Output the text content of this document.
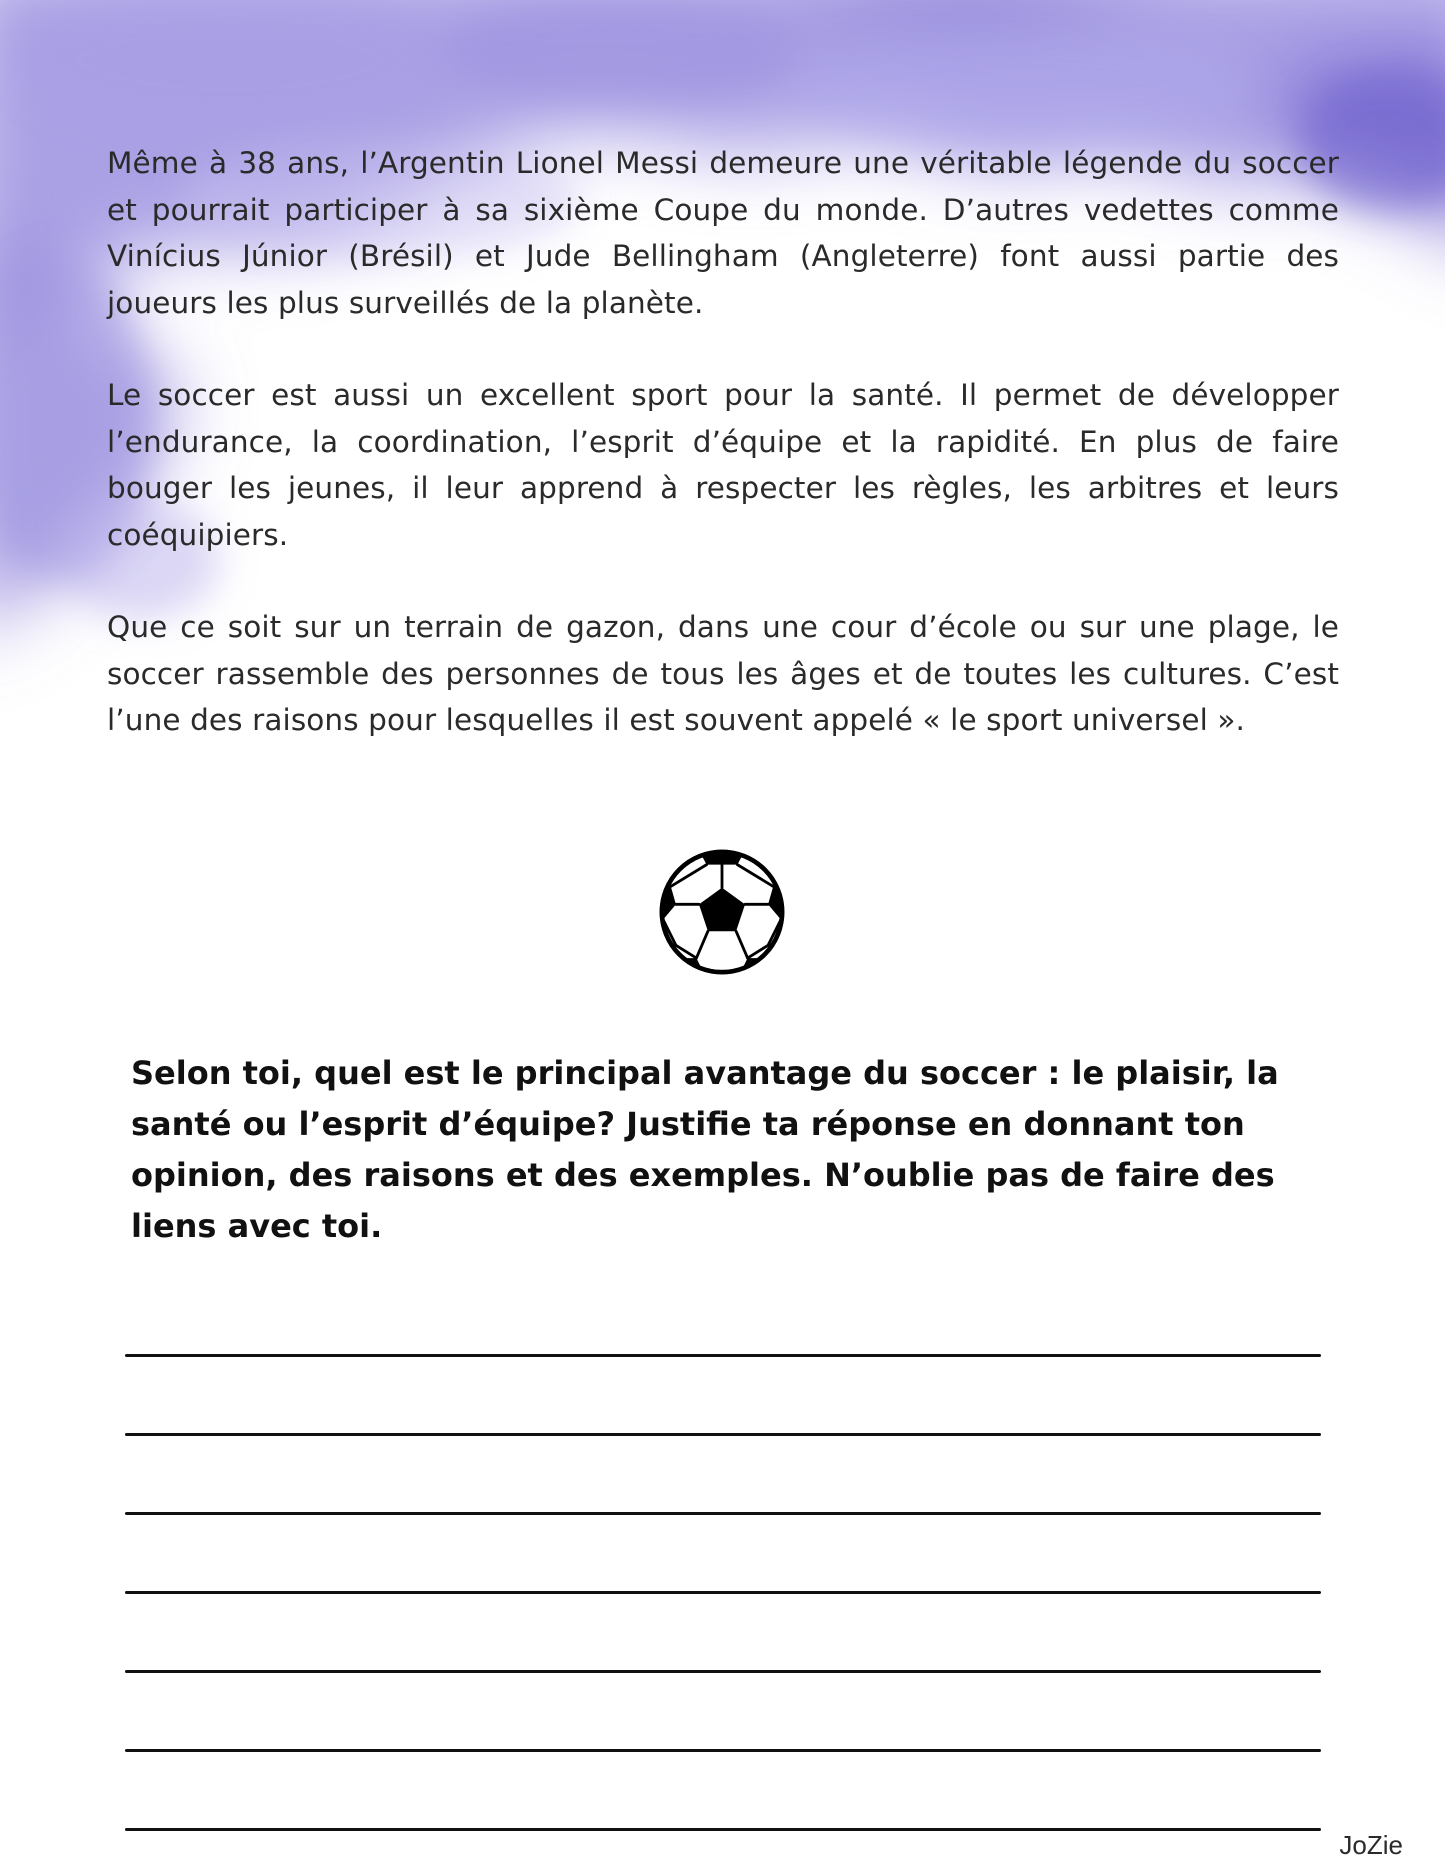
Même à 38 ans, l’Argentin Lionel Messi demeure une véritable légende du soccer et pourrait participer à sa sixième Coupe du monde. D’autres vedettes comme Vinícius Júnior (Brésil) et Jude Bellingham (Angleterre) font aussi partie des joueurs les plus surveillés de la planète.

Le soccer est aussi un excellent sport pour la santé. Il permet de développer l’endurance, la coordination, l’esprit d’équipe et la rapidité. En plus de faire bouger les jeunes, il leur apprend à respecter les règles, les arbitres et leurs coéquipiers.

Que ce soit sur un terrain de gazon, dans une cour d’école ou sur une plage, le soccer rassemble des personnes de tous les âges et de toutes les cultures. C’est l’une des raisons pour lesquelles il est souvent appelé « le sport universel ».

Selon toi, quel est le principal avantage du soccer : le plaisir, la santé ou l’esprit d’équipe? Justifie ta réponse en donnant ton opinion, des raisons et des exemples. N’oublie pas de faire des liens avec toi.

JoZie
